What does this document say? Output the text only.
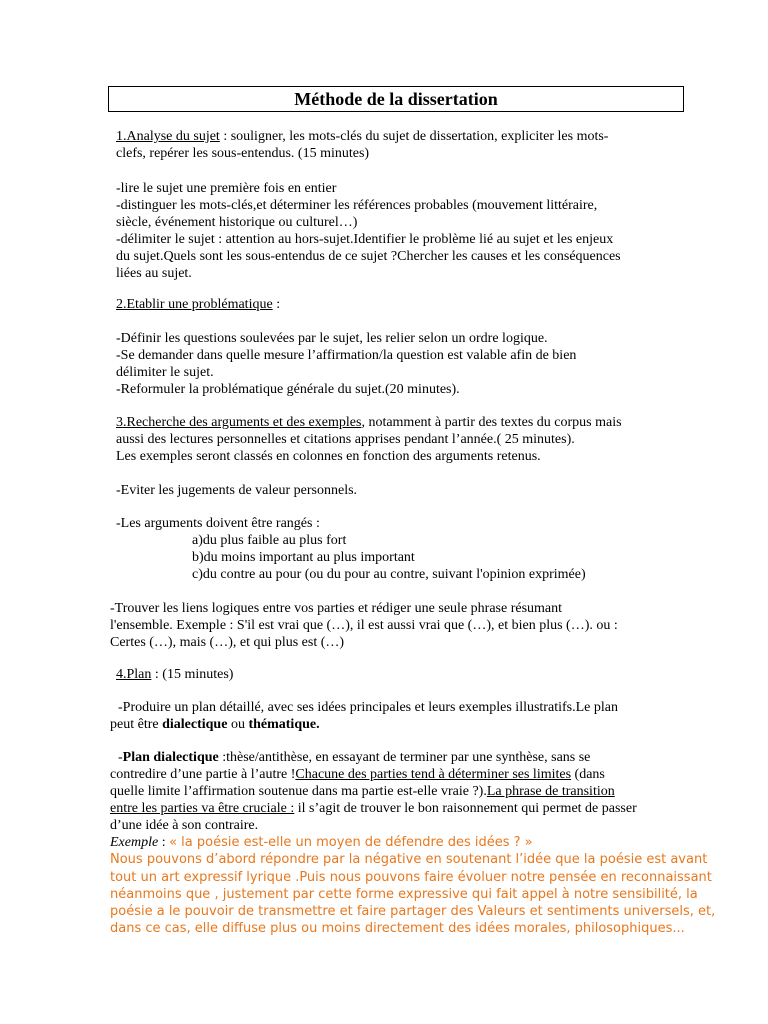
Méthode de la dissertation
1.Analyse du sujet : souligner, les mots-clés du sujet de dissertation, expliciter les mots-
clefs, repérer les sous-entendus. (15 minutes)
-lire le sujet une première fois en entier
-distinguer les mots-clés,et déterminer les références probables (mouvement littéraire,
siècle, événement historique ou culturel…)
-délimiter le sujet : attention au hors-sujet.Identifier le problème lié au sujet et les enjeux
du sujet.Quels sont les sous-entendus de ce sujet ?Chercher les causes et les conséquences
liées au sujet.
2.Etablir une problématique :
-Définir les questions soulevées par le sujet, les relier selon un ordre logique.
-Se demander dans quelle mesure l’affirmation/la question est valable afin de bien
délimiter le sujet.
-Reformuler la problématique générale du sujet.(20 minutes).
3.Recherche des arguments et des exemples, notamment à partir des textes du corpus mais
aussi des lectures personnelles et citations apprises pendant l’année.( 25 minutes).
Les exemples seront classés en colonnes en fonction des arguments retenus.
-Eviter les jugements de valeur personnels.
-Les arguments doivent être rangés :
a)du plus faible au plus fort
b)du moins important au plus important
c)du contre au pour (ou du pour au contre, suivant l'opinion exprimée)
-Trouver les liens logiques entre vos parties et rédiger une seule phrase résumant
l'ensemble. Exemple : S'il est vrai que (…), il est aussi vrai que (…), et bien plus (…). ou :
Certes (…), mais (…), et qui plus est (…)
4.Plan : (15 minutes)
-Produire un plan détaillé, avec ses idées principales et leurs exemples illustratifs.Le plan
peut être dialectique ou thématique.
-Plan dialectique :thèse/antithèse, en essayant de terminer par une synthèse, sans se
contredire d’une partie à l’autre !Chacune des parties tend à déterminer ses limites (dans
quelle limite l’affirmation soutenue dans ma partie est-elle vraie ?).La phrase de transition
entre les parties va être cruciale : il s’agit de trouver le bon raisonnement qui permet de passer
d’une idée à son contraire.
Exemple : « la poésie est-elle un moyen de défendre des idées ? »
Nous pouvons d’abord répondre par la négative en soutenant l’idée que la poésie est avant
tout un art expressif lyrique .Puis nous pouvons faire évoluer notre pensée en reconnaissant
néanmoins que , justement par cette forme expressive qui fait appel à notre sensibilité, la
poésie a le pouvoir de transmettre et faire partager des Valeurs et sentiments universels, et,
dans ce cas, elle diffuse plus ou moins directement des idées morales, philosophiques...
